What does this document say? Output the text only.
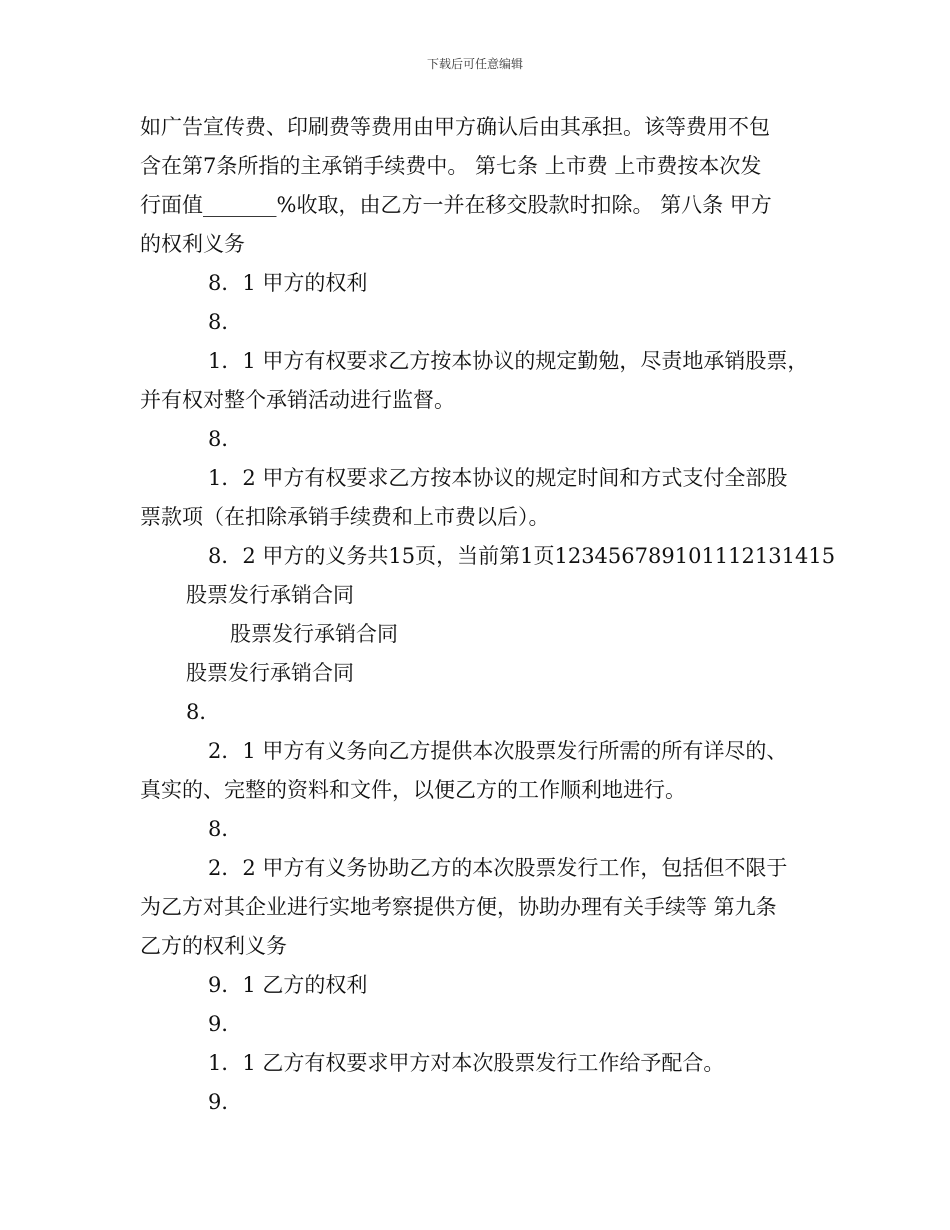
下载后可任意编辑
如广告宣传费、印刷费等费用由甲方确认后由其承担。该等费用不包
含在第7条所指的主承销手续费中。 第七条 上市费 上市费按本次发
行面值_______%收取，由乙方一并在移交股款时扣除。 第八条 甲方
的权利义务
8．1 甲方的权利
8．
1．1 甲方有权要求乙方按本协议的规定勤勉，尽责地承销股票，
并有权对整个承销活动进行监督。
8．
1．2 甲方有权要求乙方按本协议的规定时间和方式支付全部股
票款项（在扣除承销手续费和上市费以后）。
8．2 甲方的义务共15页，当前第1页123456789101112131415
股票发行承销合同
股票发行承销合同
股票发行承销合同
8．
2．1 甲方有义务向乙方提供本次股票发行所需的所有详尽的、
真实的、完整的资料和文件，以便乙方的工作顺利地进行。
8．
2．2 甲方有义务协助乙方的本次股票发行工作，包括但不限于
为乙方对其企业进行实地考察提供方便，协助办理有关手续等 第九条
乙方的权利义务
9．1 乙方的权利
9．
1．1 乙方有权要求甲方对本次股票发行工作给予配合。
9．
